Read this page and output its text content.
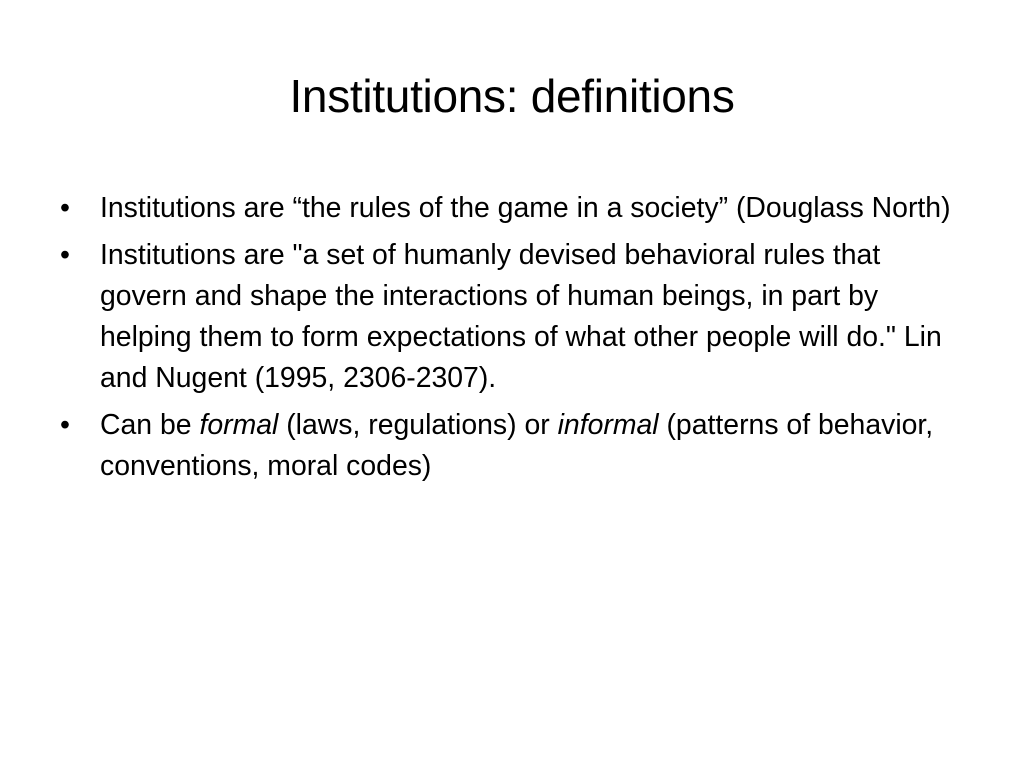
Institutions: definitions
•	Institutions are “the rules of the game in a society” (Douglass North)
•	Institutions are "a set of humanly devised behavioral rules that govern and shape the interactions of human beings, in part by helping them to form expectations of what other people will do." Lin and Nugent (1995, 2306-2307).
•	Can be formal (laws, regulations) or informal (patterns of behavior, conventions, moral codes)
